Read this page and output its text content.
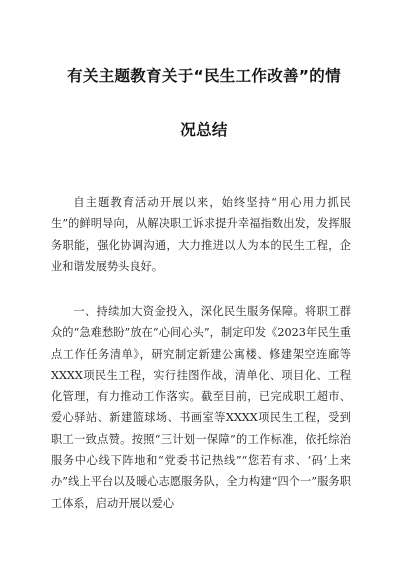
有关主题教育关于“民生工作改善”的情
况总结

自主题教育活动开展以来，始终坚持“用心用力抓民生”的鲜明导向，从解决职工诉求提升幸福指数出发，发挥服务职能，强化协调沟通，大力推进以人为本的民生工程，企业和谐发展势头良好。

一、持续加大资金投入，深化民生服务保障。将职工群众的“急难愁盼”放在“心间心头”，制定印发《2023年民生重点工作任务清单》，研究制定新建公寓楼、修建架空连廊等XXXX项民生工程，实行挂图作战，清单化、项目化、工程化管理，有力推动工作落实。截至目前，已完成职工超市、爱心驿站、新建篮球场、书画室等XXXX项民生工程，受到职工一致点赞。按照“三计划一保障”的工作标准，依托综治服务中心线下阵地和“党委书记热线”“您若有求、‘码’上来办”线上平台以及暖心志愿服务队，全力构建“四个一”服务职工体系，启动开展以爱心
